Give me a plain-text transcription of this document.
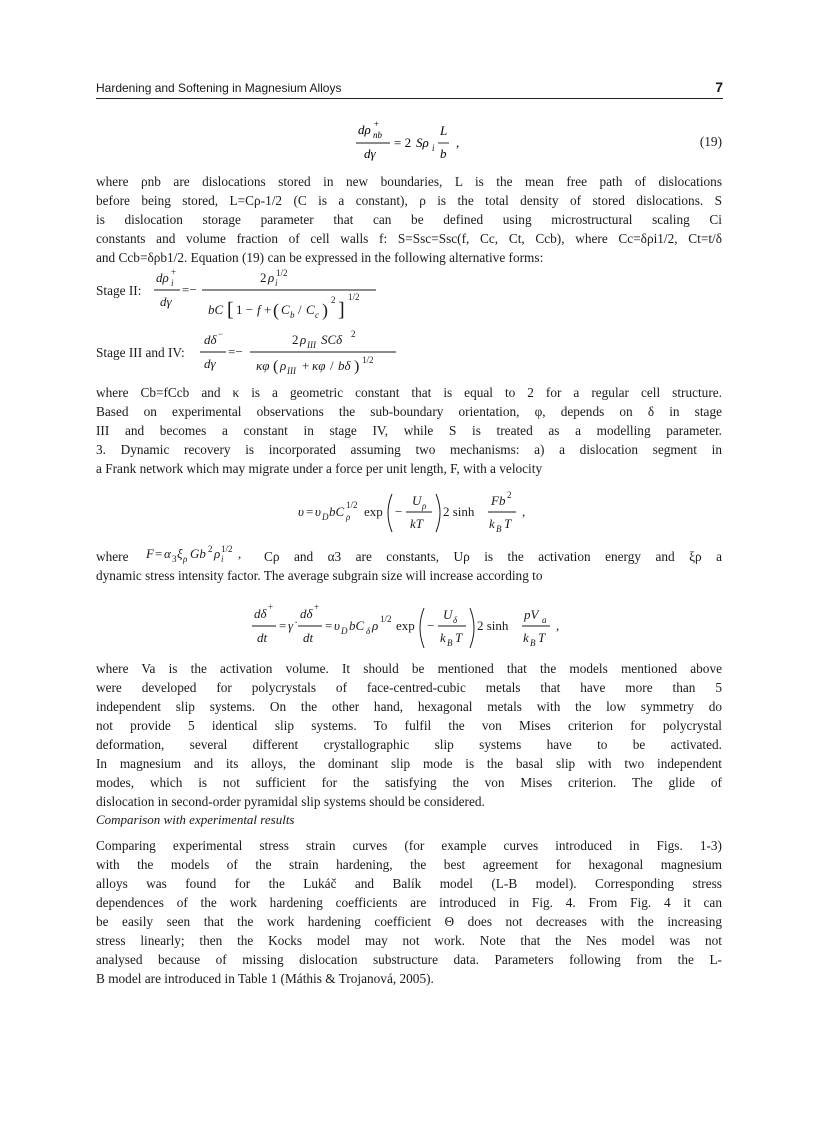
Hardening and Softening in Magnesium Alloys	7
dρ +
nb
dγ
= 2 Sρ i
L
b
,	(19)
where ρnb are dislocations stored in new boundaries, L is the mean free path of dislocations
before being stored, L=Cρ-1/2 (C is a constant), ρ is the total density of stored dislocations. S
is dislocation storage parameter that can be defined using microstructural scaling Ci
constants and volume fraction of cell walls f: S=Ssc=Ssc(f, Cc, Ct, Ccb), where Cc=δρi1/2, Ct=t/δ
and Ccb=δρb1/2. Equation (19) can be expressed in the following alternative forms:
Stage II:
dρ +
i
dγ
=−
2 ρ i
1/2
bC [ 1 − f + ( C b / C c ) 2 ]
1/2
Stage III and IV:
dδ −
dγ
=−
2 ρ III SCδ 2
κφ ( ρ III + κφ / bδ ) 1/2
where Cb=fCcb and κ is a geometric constant that is equal to 2 for a regular cell structure.
Based on experimental observations the sub-boundary orientation, φ, depends on δ in stage
III and becomes a constant in stage IV, while S is treated as a modelling parameter.
3. Dynamic recovery is incorporated assuming two mechanisms: a) a dislocation segment in
a Frank network which may migrate under a force per unit length, F, with a velocity
υ = υ D bC ρ
1/2 exp −
U ρ
kT
2 sinh
Fb 2
k B T
,
where F = α 3 ξ ρ Gb 2 ρ i
1/2 , Cρ and α3 are constants, Uρ is the activation energy and ξρ a
dynamic stress intensity factor. The average subgrain size will increase according to
dδ +
dt
= γ̇
dδ +
dt
= υ D bC δ ρ 1/2 exp −
U δ
k B T
2 sinh
pV a
k B T
,
where Va is the activation volume. It should be mentioned that the models mentioned above
were developed for polycrystals of face-centred-cubic metals that have more than 5
independent slip systems. On the other hand, hexagonal metals with the low symmetry do
not provide 5 identical slip systems. To fulfil the von Mises criterion for polycrystal
deformation, several different crystallographic slip systems have to be activated.
In magnesium and its alloys, the dominant slip mode is the basal slip with two independent
modes, which is not sufficient for the satisfying the von Mises criterion. The glide of
dislocation in second-order pyramidal slip systems should be considered.
Comparison with experimental results
Comparing experimental stress strain curves (for example curves introduced in Figs. 1-3)
with the models of the strain hardening, the best agreement for hexagonal magnesium
alloys was found for the Lukáč and Balík model (L-B model). Corresponding stress
dependences of the work hardening coefficients are introduced in Fig. 4. From Fig. 4 it can
be easily seen that the work hardening coefficient Θ does not decreases with the increasing
stress linearly; then the Kocks model may not work. Note that the Nes model was not
analysed because of missing dislocation substructure data. Parameters following from the L-
B model are introduced in Table 1 (Máthis & Trojanová, 2005).
